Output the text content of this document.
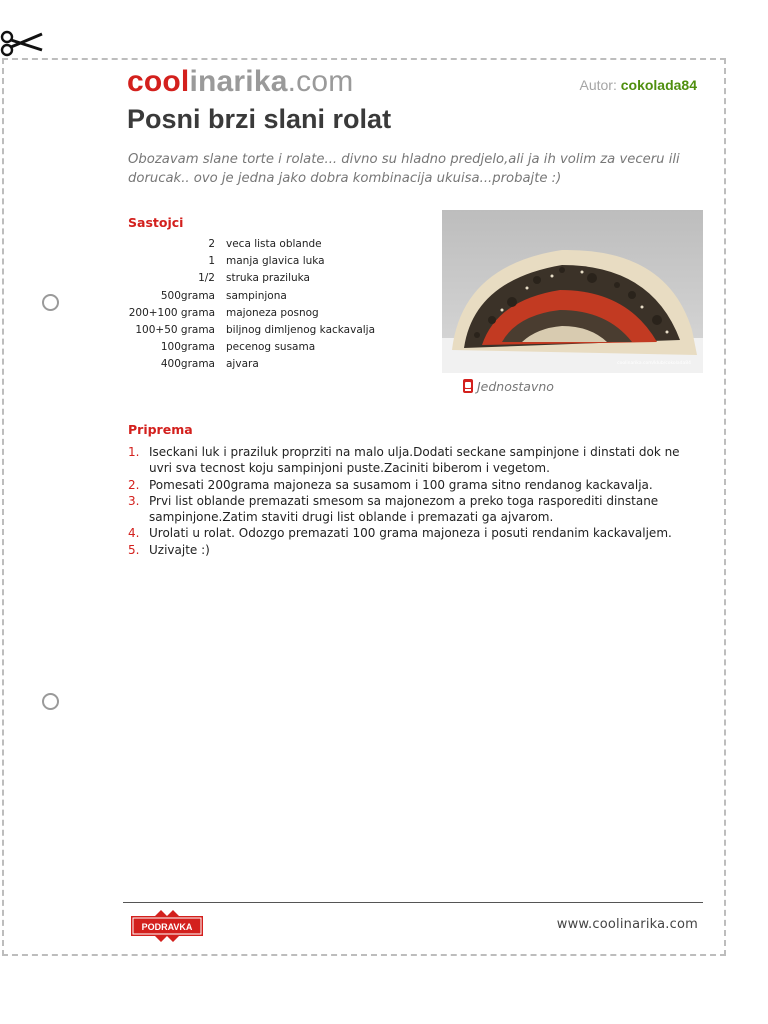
coolinarika.com	Autor: cokolada84
Posni brzi slani rolat

Obozavam slane torte i rolate... divno su hladno predjelo,ali ja ih volim za veceru ili dorucak.. ovo je jedna jako dobra kombinacija ukuisa...probajte :)

Sastojci
2	veca lista oblande
1	manja glavica luka
1/2	struka praziluka
500grama	sampinjona
200+100 grama	majoneza posnog
100+50 grama	biljnog dimljenog kackavalja
100grama	pecenog susama
400grama	ajvara	coolinarika.com/klub/cokolada84
Jednostavno
Priprema
1. Iseckani luk i praziluk proprziti na malo ulja.Dodati seckane sampinjone i dinstati dok ne uvri sva tecnost koju sampinjoni puste.Zaciniti biberom i vegetom.
2. Pomesati 200grama majoneza sa susamom i 100 grama sitno rendanog kackavalja.
3. Prvi list oblande premazati smesom sa majonezom a preko toga rasporediti dinstane sampinjone.Zatim staviti drugi list oblande i premazati ga ajvarom.
4. Urolati u rolat. Odozgo premazati 100 grama majoneza i posuti rendanim kackavaljem.
5. Uzivajte :)
PODRAVKA	www.coolinarika.com
